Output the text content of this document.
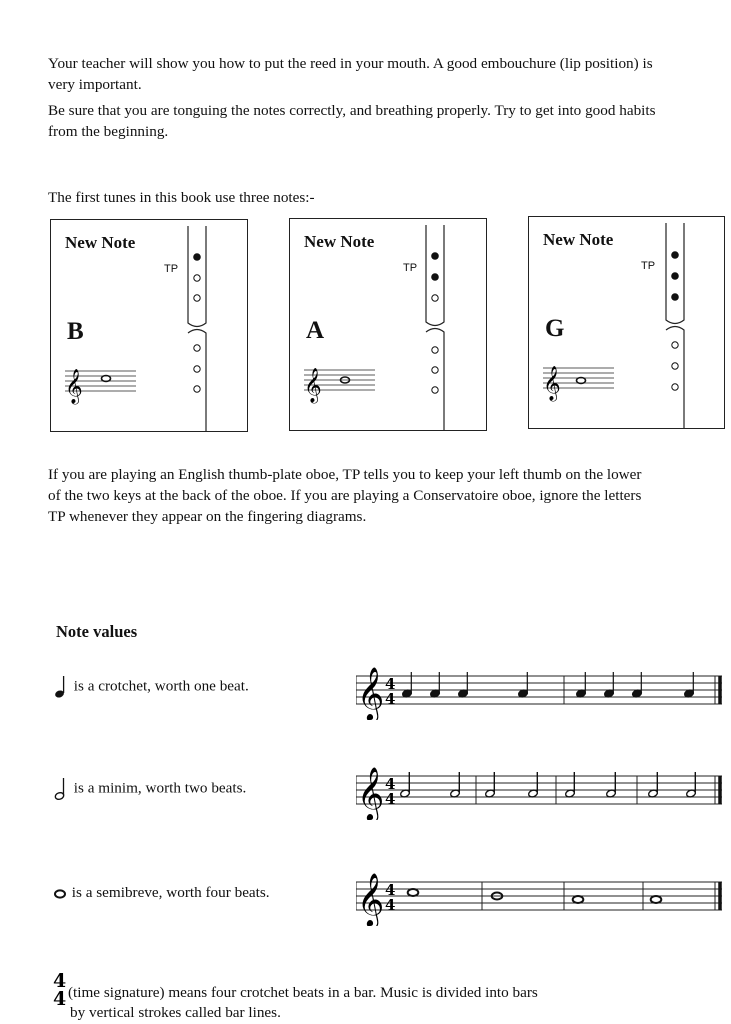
Your teacher will show you how to put the reed in your mouth. A good embouchure (lip position) is very important.

Be sure that you are tonguing the notes correctly, and breathing properly. Try to get into good habits from the beginning.

The first tunes in this book use three notes:-

New Note
TP
B
𝄞
New Note
TP
A
𝄞
New Note
TP
G
𝄞

If you are playing an English thumb-plate oboe, TP tells you to keep your left thumb on the lower of the two keys at the back of the oboe. If you are playing a Conservatoire oboe, ignore the letters TP whenever they appear on the fingering diagrams.

Note values
is a crotchet, worth one beat. 𝄞 4
4
is a minim, worth two beats. 𝄞 4
4
is a semibreve, worth four beats. 𝄞 4
4
4
4 (time signature) means four crotchet beats in a bar. Music is divided into bars
by vertical strokes called bar lines.
